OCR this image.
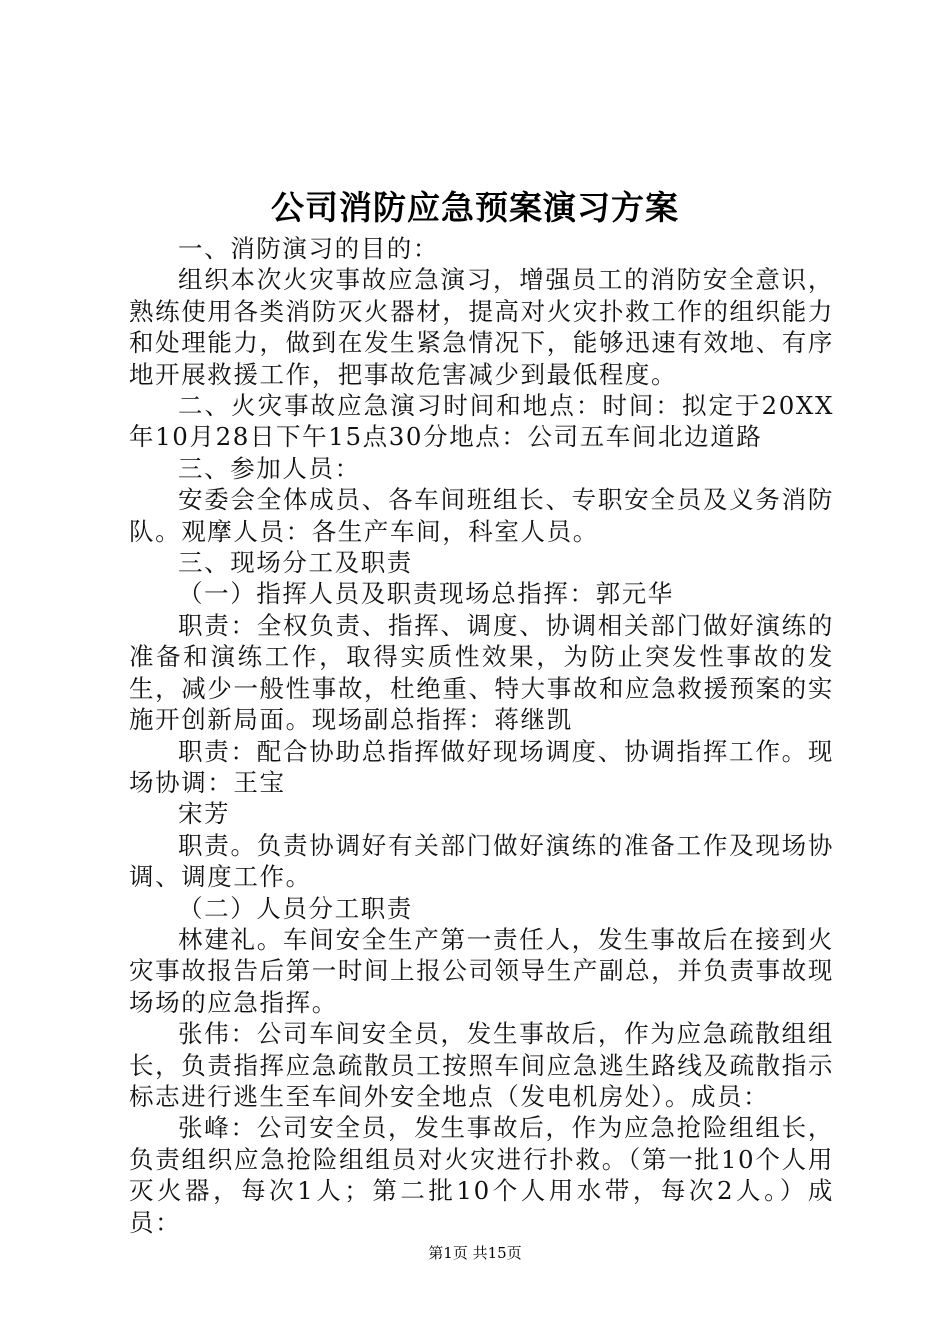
公司消防应急预案演习方案

一、消防演习的目的：

组织本次火灾事故应急演习，增强员工的消防安全意识，熟练使用各类消防灭火器材，提高对火灾扑救工作的组织能力和处理能力，做到在发生紧急情况下，能够迅速有效地、有序地开展救援工作，把事故危害减少到最低程度。

二、火灾事故应急演习时间和地点：时间：拟定于20XX年10月28日下午15点30分地点：公司五车间北边道路

三、参加人员：

安委会全体成员、各车间班组长、专职安全员及义务消防队。观摩人员：各生产车间，科室人员。

三、现场分工及职责

（一）指挥人员及职责现场总指挥：郭元华

职责：全权负责、指挥、调度、协调相关部门做好演练的准备和演练工作，取得实质性效果，为防止突发性事故的发生，减少一般性事故，杜绝重、特大事故和应急救援预案的实施开创新局面。现场副总指挥：蒋继凯

职责：配合协助总指挥做好现场调度、协调指挥工作。现场协调：王宝

宋芳

职责。负责协调好有关部门做好演练的准备工作及现场协调、调度工作。

（二）人员分工职责

林建礼。车间安全生产第一责任人，发生事故后在接到火灾事故报告后第一时间上报公司领导生产副总，并负责事故现场场的应急指挥。

张伟：公司车间安全员，发生事故后，作为应急疏散组组长，负责指挥应急疏散员工按照车间应急逃生路线及疏散指示标志进行逃生至车间外安全地点（发电机房处）。成员：

张峰：公司安全员，发生事故后，作为应急抢险组组长，负责组织应急抢险组组员对火灾进行扑救。（第一批10个人用灭火器，每次1人；第二批10个人用水带，每次2人。）成员：

第1页 共15页
